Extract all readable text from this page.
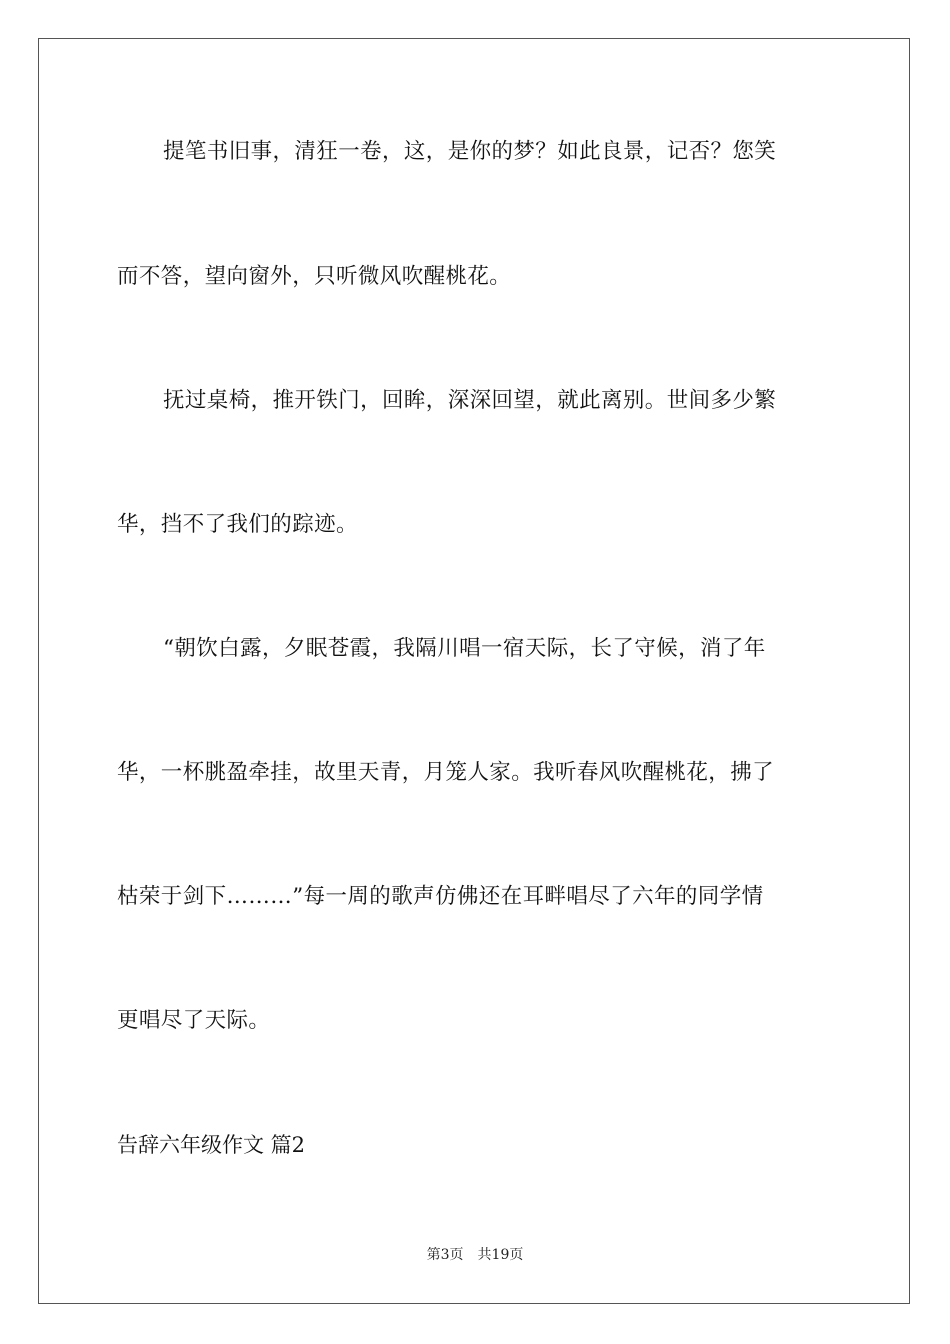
提笔书旧事，清狂一卷，这，是你的梦？如此良景，记否？您笑
而不答，望向窗外，只听微风吹醒桃花。
抚过桌椅，推开铁门，回眸，深深回望，就此离别。世间多少繁
华，挡不了我们的踪迹。
“朝饮白露，夕眠苍霞，我隔川唱一宿天际，长了守候，消了年
华，一杯朓盈牵挂，故里天青，月笼人家。我听春风吹醒桃花，拂了
枯荣于剑下………”每一周的歌声仿佛还在耳畔唱尽了六年的同学情
更唱尽了天际。
告辞六年级作文 篇2
第3页 共19页
